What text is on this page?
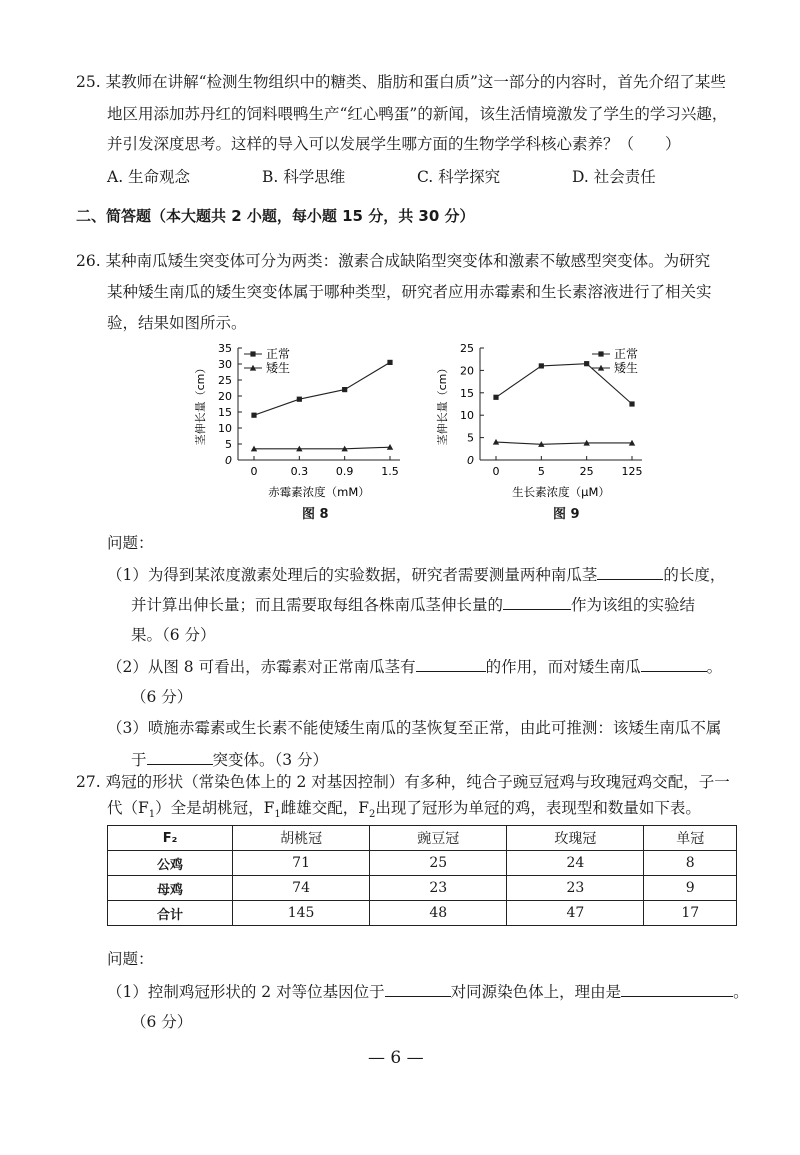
25. 某教师在讲解“检测生物组织中的糖类、脂肪和蛋白质”这一部分的内容时，首先介绍了某些
地区用添加苏丹红的饲料喂鸭生产“红心鸭蛋”的新闻，该生活情境激发了学生的学习兴趣，
并引发深度思考。这样的导入可以发展学生哪方面的生物学学科核心素养？（　　）
A. 生命观念	B. 科学思维	C. 科学探究	D. 社会责任
二、简答题（本大题共 2 小题，每小题 15 分，共 30 分）
26. 某种南瓜矮生突变体可分为两类：激素合成缺陷型突变体和激素不敏感型突变体。为研究
某种矮生南瓜的矮生突变体属于哪种类型，研究者应用赤霉素和生长素溶液进行了相关实
验，结果如图所示。
0
5
10
15
20
25
30
35
0	0.3	0.9	1.5
茎伸长量（cm）
赤霉素浓度（mM）
正常
矮生
图 8
0
5
10
15
20
25
0	5	25	125
茎伸长量（cm）
生长素浓度（μM）
正常
矮生
图 9
问题：
（1）为得到某浓度激素处理后的实验数据，研究者需要测量两种南瓜茎	的长度，
并计算出伸长量；而且需要取每组各株南瓜茎伸长量的	作为该组的实验结
果。（6 分）
（2）从图 8 可看出，赤霉素对正常南瓜茎有	的作用，而对矮生南瓜	。
（6 分）
（3）喷施赤霉素或生长素不能使矮生南瓜的茎恢复至正常，由此可推测：该矮生南瓜不属
于	突变体。（3 分）
27. 鸡冠的形状（常染色体上的 2 对基因控制）有多种，纯合子豌豆冠鸡与玫瑰冠鸡交配，子一
代$(F_1)$全是胡桃冠，$F_1$雌雄交配，$F_2$出现了冠形为单冠的鸡，表现型和数量如下表。
F₂	胡桃冠	豌豆冠	玫瑰冠	单冠
公鸡	71	25	24	8
母鸡	74	23	23	9
合计	145	48	47	17
问题：
（1）控制鸡冠形状的 2 对等位基因位于	对同源染色体上，理由是	。
（6 分）
— 6 —
